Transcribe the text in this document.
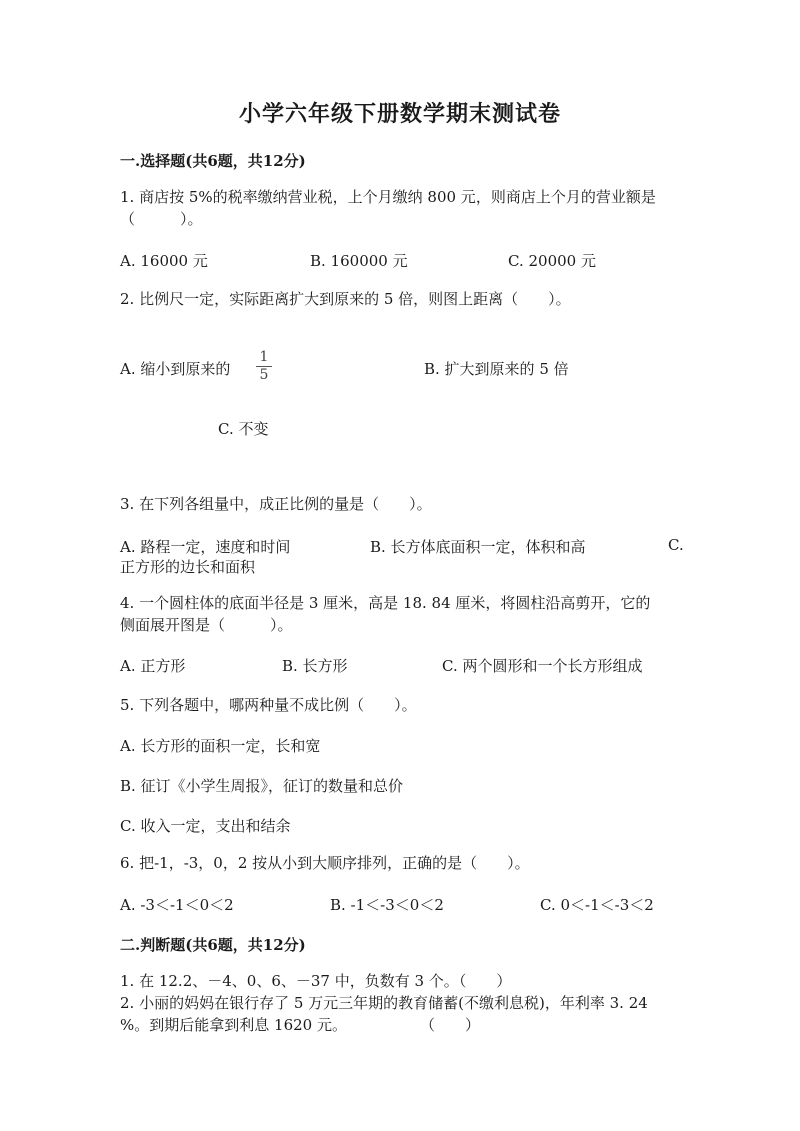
小学六年级下册数学期末测试卷
一.选择题(共6题，共12分)
1. 商店按 5%的税率缴纳营业税，上个月缴纳 800 元，则商店上个月的营业额是
（　　　）。
A. 16000 元	B. 160000 元	C. 20000 元
2. 比例尺一定，实际距离扩大到原来的 5 倍，则图上距离（　　）。
A. 缩小到原来的
1
5	B. 扩大到原来的 5 倍
C. 不变
3. 在下列各组量中，成正比例的量是（　　）。
A. 路程一定，速度和时间	B. 长方体底面积一定，体积和高	C.
正方形的边长和面积
4. 一个圆柱体的底面半径是 3 厘米，高是 18. 84 厘米，将圆柱沿高剪开，它的
侧面展开图是（　　　）。
A. 正方形	B. 长方形	C. 两个圆形和一个长方形组成
5. 下列各题中，哪两种量不成比例（　　）。
A. 长方形的面积一定，长和宽
B. 征订《小学生周报》，征订的数量和总价
C. 收入一定，支出和结余
6. 把-1，-3，0，2 按从小到大顺序排列，正确的是（　　）。
A. -3＜-1＜0＜2	B. -1＜-3＜0＜2	C. 0＜-1＜-3＜2
二.判断题(共6题，共12分)
1. 在 12.2、－4、0、6、－37 中，负数有 3 个。（　　）
2. 小丽的妈妈在银行存了 5 万元三年期的教育储蓄(不缴利息税)，年利率 3. 24
%。到期后能拿到利息 1620 元。	（　　）
